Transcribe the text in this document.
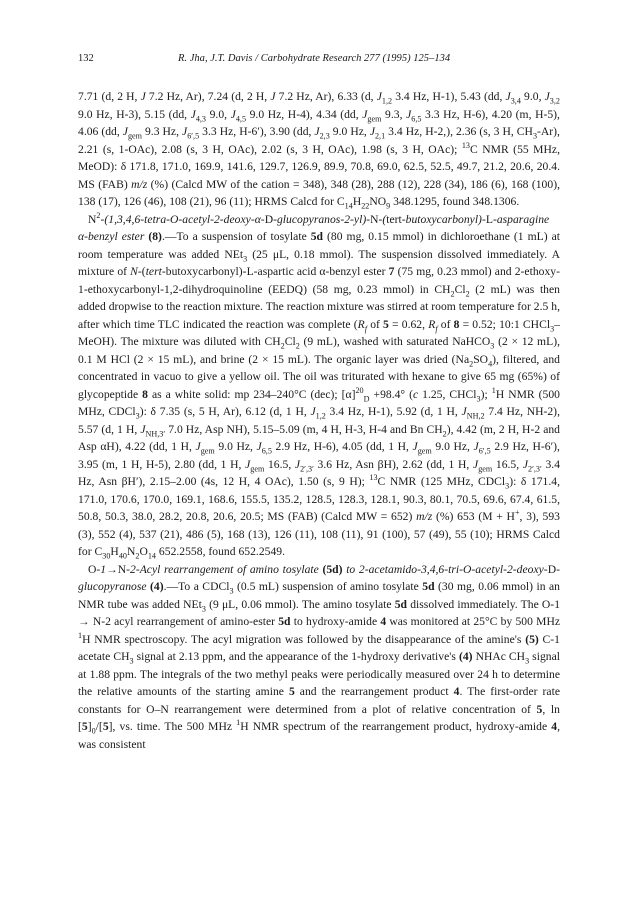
132	R. Jha, J.T. Davis / Carbohydrate Research 277 (1995) 125–134

7.71 (d, 2 H, J 7.2 Hz, Ar), 7.24 (d, 2 H, J 7.2 Hz, Ar), 6.33 (d, $J_{1,2}$ 3.4 Hz, H-1), 5.43 (dd, $J_{3,4}$ 9.0, $J_{3,2}$ 9.0 Hz, H-3), 5.15 (dd, $J_{4,3}$ 9.0, $J_{4,5}$ 9.0 Hz, H-4), 4.34 (dd, $J_{gem}$ 9.3, $J_{6,5}$ 3.3 Hz, H-6), 4.20 (m, H-5), 4.06 (dd, $J_{gem}$ 9.3 Hz, $J_{6',5}$ 3.3 Hz, H-6′), 3.90 (dd, $J_{2,3}$ 9.0 Hz, $J_{2,1}$ 3.4 Hz, H-2,), 2.36 (s, 3 H, $CH_3-Ar$), 2.21 (s, 1-OAc), 2.08 (s, 3 H, OAc), 2.02 (s, 3 H, OAc), 1.98 (s, 3 H, OAc); $^{13}$C NMR (55 MHz, MeOD): δ 171.8, 171.0, 169.9, 141.6, 129.7, 126.9, 89.9, 70.8, 69.0, 62.5, 52.5, 49.7, 21.2, 20.6, 20.4. MS (FAB) m/z (%) (Calcd MW of the cation = 348), 348 (28), 288 (12), 228 (34), 186 (6), 168 (100), 138 (17), 126 (46), 108 (21), 96 (11); HRMS Calcd for $C_{14}H_{22}NO_9$ 348.1295, found 348.1306.

$N^2-(1,3,4,6-tetra-O-acetyl-2-deoxy-\alpha-D-glucopyranos-2-yl)-N-(tert-butoxycarbonyl)-L$-asparagine α-benzyl ester (8).—To a suspension of tosylate 5d (80 mg, 0.15 mmol) in dichloroethane (1 mL) at room temperature was added NEt$_3$ (25 μL, 0.18 mmol). The suspension dissolved immediately. A mixture of N-(tert-butoxycarbonyl)-L-aspartic acid α-benzyl ester 7 (75 mg, 0.23 mmol) and 2-ethoxy-1-ethoxycarbonyl-1,2-dihydroquinoline (EEDQ) (58 mg, 0.23 mmol) in $CH_2Cl_2$ (2 mL) was then added dropwise to the reaction mixture. The reaction mixture was stirred at room temperature for 2.5 h, after which time TLC indicated the reaction was complete ($R_f$ of 5 = 0.62, $R_f$ of 8 = 0.52; 10:1 CHCl$_3$–MeOH). The mixture was diluted with $CH_2Cl_2$ (9 mL), washed with saturated NaHCO$_3$ (2 × 12 mL), 0.1 M HCl (2 × 15 mL), and brine (2 × 15 mL). The organic layer was dried $(Na_2SO_4)$, filtered, and concentrated in vacuo to give a yellow oil. The oil was triturated with hexane to give 65 mg (65%) of glycopeptide 8 as a white solid: mp 234–240°C (dec); $[\alpha]^{20}_D +98.4^\circ$ (c 1.25, CHCl$_3$); $^1$H NMR (500 MHz, CDCl$_3$): δ 7.35 (s, 5 H, Ar), 6.12 (d, 1 H, $J_{1,2}$ 3.4 Hz, H-1), 5.92 (d, 1 H, $J_{NH,2}$ 7.4 Hz, NH-2), 5.57 (d, 1 H, $J_{NH,3'}$ 7.0 Hz, Asp NH), 5.15–5.09 (m, 4 H, H-3, H-4 and Bn $CH_2$), 4.42 (m, 2 H, H-2 and Asp αH), 4.22 (dd, 1 H, $J_{gem}$ 9.0 Hz, $J_{6,5}$ 2.9 Hz, H-6), 4.05 (dd, 1 H, $J_{gem}$ 9.0 Hz, $J_{6',5}$ 2.9 Hz, H-6′), 3.95 (m, 1 H, H-5), 2.80 (dd, 1 H, $J_{gem}$ 16.5, $J_{2',3'}$ 3.6 Hz, Asn βH), 2.62 (dd, 1 H, $J_{gem}$ 16.5, $J_{2',3'}$ 3.4 Hz, Asn βH′), 2.15–2.00 (4s, 12 H, 4 OAc), 1.50 (s, 9 H); $^{13}$C NMR (125 MHz, CDCl$_3$): δ 171.4, 171.0, 170.6, 170.0, 169.1, 168.6, 155.5, 135.2, 128.5, 128.3, 128.1, 90.3, 80.1, 70.5, 69.6, 67.4, 61.5, 50.8, 50.3, 38.0, 28.2, 20.8, 20.6, 20.5; MS (FAB) (Calcd MW = 652) m/z (%) 653 (M + H+, 3), 593 (3), 552 (4), 537 (21), 486 (5), 168 (13), 126 (11), 108 (11), 91 (100), 57 (49), 55 (10); HRMS Calcd for $C_{30}H_{40}N_2O_{14}$ 652.2558, found 652.2549.

O-1→N-2-Acyl rearrangement of amino tosylate (5d) to 2-acetamido-3,4,6-tri-O-acetyl-2-deoxy-D-glucopyranose (4).—To a CDCl$_3$ (0.5 mL) suspension of amino tosylate 5d (30 mg, 0.06 mmol) in an NMR tube was added NEt$_3$ (9 μL, 0.06 mmol). The amino tosylate 5d dissolved immediately. The O-1 → N-2 acyl rearrangement of amino-ester 5d to hydroxy-amide 4 was monitored at 25°C by 500 MHz $^1$H NMR spectroscopy. The acyl migration was followed by the disappearance of the amine's (5) C-1 acetate $CH_3$ signal at 2.13 ppm, and the appearance of the 1-hydroxy derivative's (4) NHAc $CH_3$ signal at 1.88 ppm. The integrals of the two methyl peaks were periodically measured over 24 h to determine the relative amounts of the starting amine 5 and the rearrangement product 4. The first-order rate constants for O–N rearrangement were determined from a plot of relative concentration of 5, $\ln [5]_0/[5]$, vs. time. The 500 MHz $^1$H NMR spectrum of the rearrangement product, hydroxy-amide 4, was consistent
